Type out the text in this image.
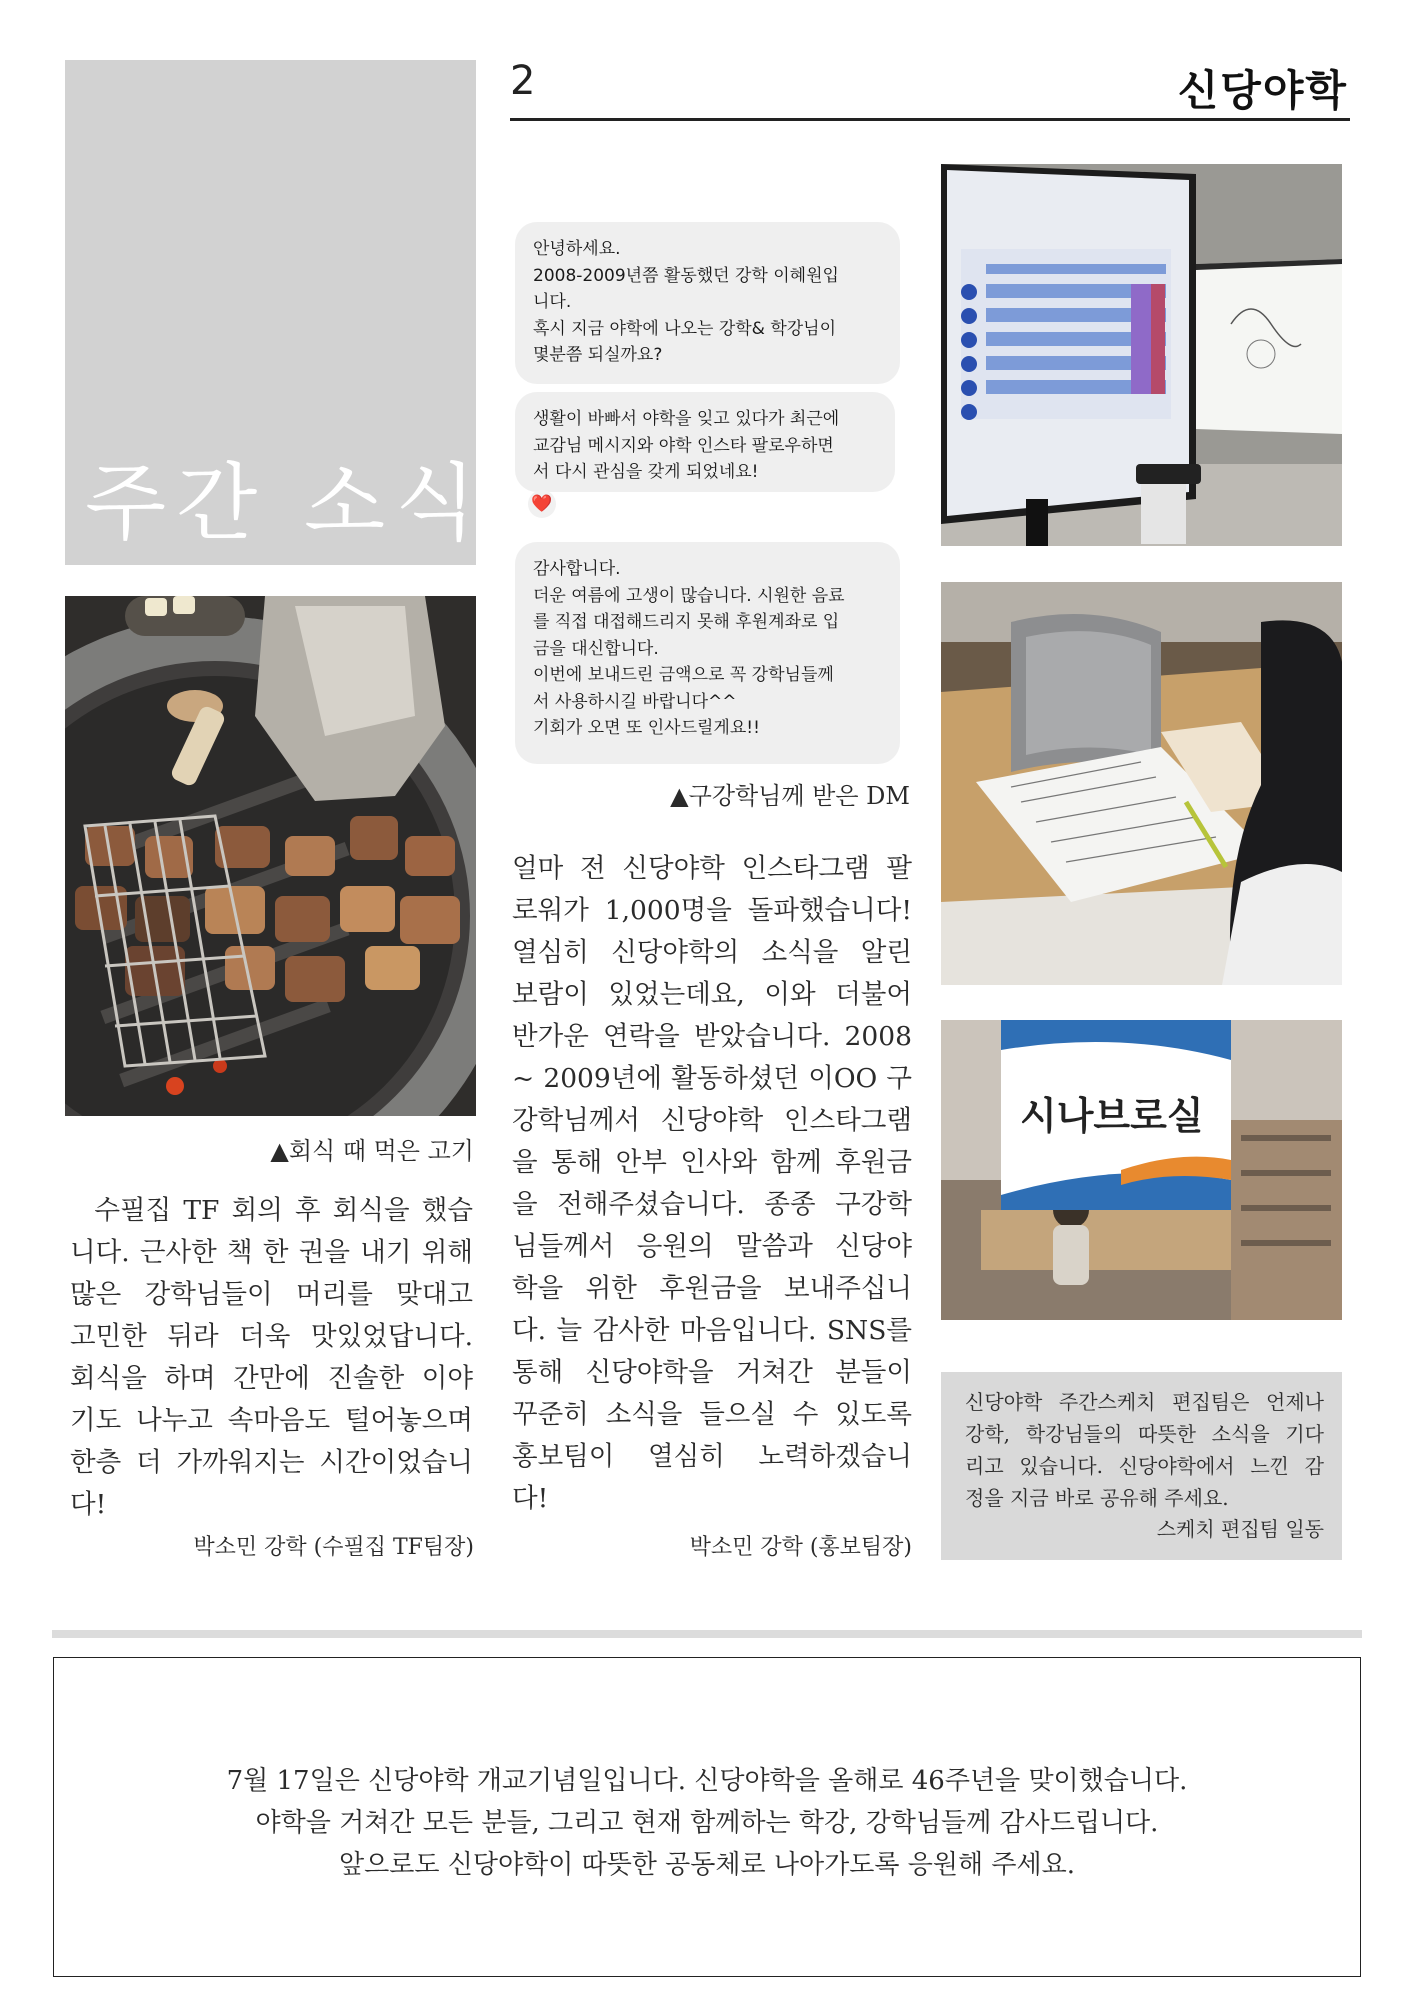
2	신당야학
주간 소식
▲회식 때 먹은 고기
안녕하세요.
2008-2009년쯤 활동했던 강학 이혜원입
니다.
혹시 지금 야학에 나오는 강학& 학강님이
몇분쯤 되실까요?
생활이 바빠서 야학을 잊고 있다가 최근에
교감님 메시지와 야학 인스타 팔로우하면
서 다시 관심을 갖게 되었네요!
❤️
감사합니다.
더운 여름에 고생이 많습니다. 시원한 음료
를 직접 대접해드리지 못해 후원계좌로 입
금을 대신합니다.
이번에 보내드린 금액으로 꼭 강학님들께
서 사용하시길 바랍니다^^
기회가 오면 또 인사드릴게요!!
▲구강학님께 받은 DM
시나브로실
수필집 TF 회의 후 회식을 했습
니다. 근사한 책 한 권을 내기 위해
많은 강학님들이 머리를 맞대고
고민한 뒤라 더욱 맛있었답니다.
회식을 하며 간만에 진솔한 이야
기도 나누고 속마음도 털어놓으며
한층 더 가까워지는 시간이었습니
다!
박소민 강학 (수필집 TF팀장)
얼마 전 신당야학 인스타그램 팔
로워가 1,000명을 돌파했습니다!
열심히 신당야학의 소식을 알린
보람이 있었는데요, 이와 더불어
반가운 연락을 받았습니다. 2008
~ 2009년에 활동하셨던 이OO 구
강학님께서 신당야학 인스타그램
을 통해 안부 인사와 함께 후원금
을 전해주셨습니다. 종종 구강학
님들께서 응원의 말씀과 신당야
학을 위한 후원금을 보내주십니
다. 늘 감사한 마음입니다. SNS를
통해 신당야학을 거쳐간 분들이
꾸준히 소식을 들으실 수 있도록
홍보팀이 열심히 노력하겠습니
다!
박소민 강학 (홍보팀장)
신당야학 주간스케치 편집팀은 언제나
강학, 학강님들의 따뜻한 소식을 기다
리고 있습니다. 신당야학에서 느낀 감
정을 지금 바로 공유해 주세요.
스케치 편집팀 일동
7월 17일은 신당야학 개교기념일입니다. 신당야학을 올해로 46주년을 맞이했습니다.
야학을 거쳐간 모든 분들, 그리고 현재 함께하는 학강, 강학님들께 감사드립니다.
앞으로도 신당야학이 따뜻한 공동체로 나아가도록 응원해 주세요.
